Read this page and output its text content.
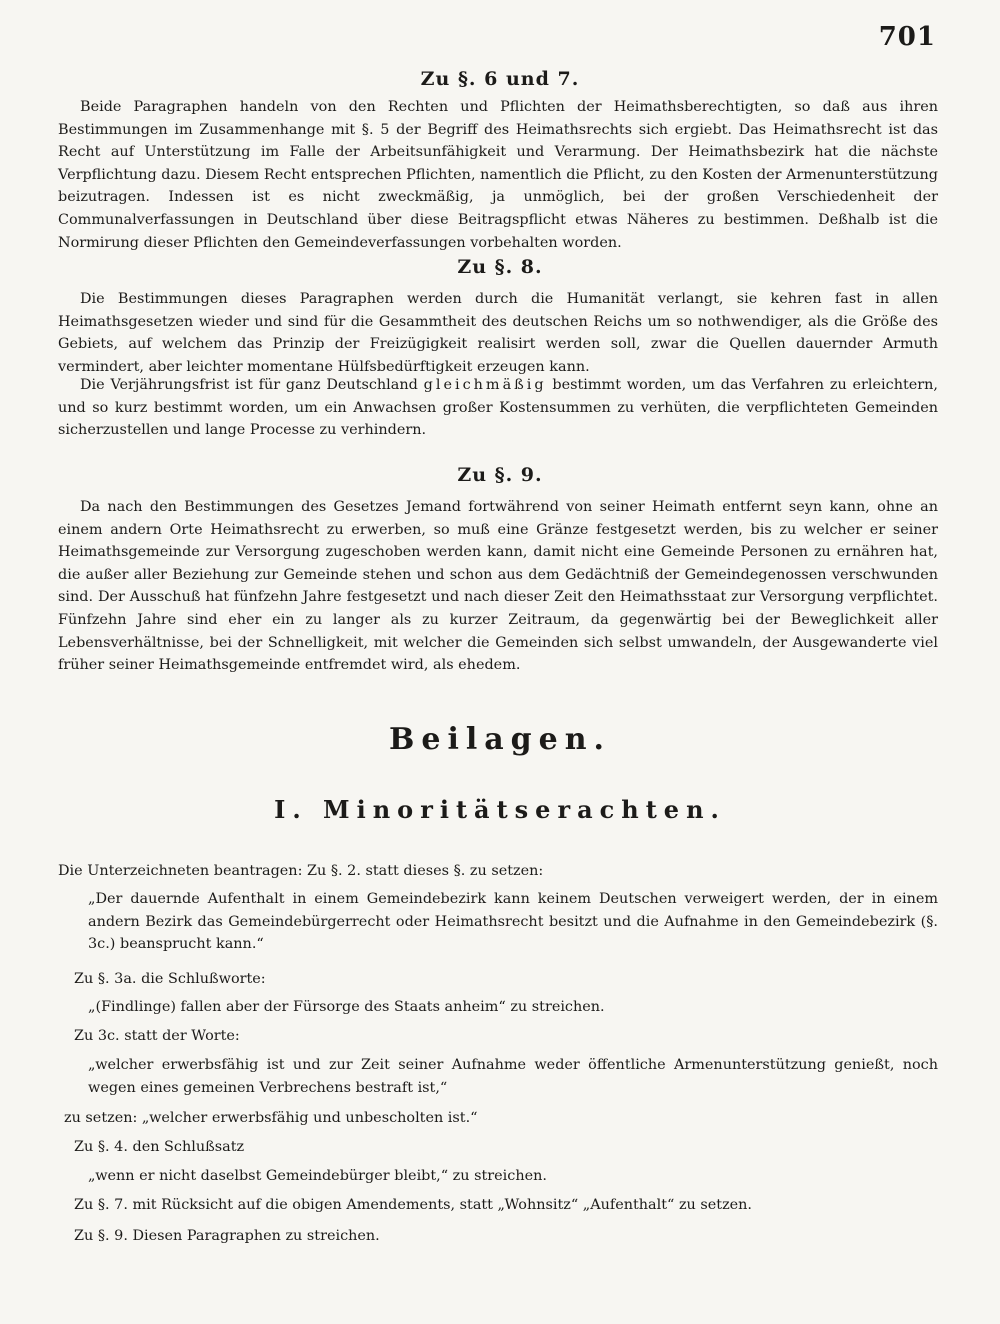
701
Zu §. 6 und 7.

Beide Paragraphen handeln von den Rechten und Pflichten der Heimathsberechtigten, so daß aus ihren Bestimmungen im Zusammenhange mit §. 5 der Begriff des Heimathsrechts sich ergiebt. Das Heimathsrecht ist das Recht auf Unterstützung im Falle der Arbeitsunfähigkeit und Verarmung. Der Heimathsbezirk hat die nächste Verpflichtung dazu. Diesem Recht entsprechen Pflichten, namentlich die Pflicht, zu den Kosten der Armenunterstützung beizutragen. Indessen ist es nicht zweckmäßig, ja unmöglich, bei der großen Verschiedenheit der Communalverfassungen in Deutschland über diese Beitragspflicht etwas Näheres zu bestimmen. Deßhalb ist die Normirung dieser Pflichten den Gemeindeverfassungen vorbehalten worden.

Zu §. 8.

Die Bestimmungen dieses Paragraphen werden durch die Humanität verlangt, sie kehren fast in allen Heimathsgesetzen wieder und sind für die Gesammtheit des deutschen Reichs um so nothwendiger, als die Größe des Gebiets, auf welchem das Prinzip der Freizügigkeit realisirt werden soll, zwar die Quellen dauernder Armuth vermindert, aber leichter momentane Hülfsbedürftigkeit erzeugen kann.

Die Verjährungsfrist ist für ganz Deutschland gleichmäßig bestimmt worden, um das Verfahren zu erleichtern, und so kurz bestimmt worden, um ein Anwachsen großer Kostensummen zu verhüten, die verpflichteten Gemeinden sicherzustellen und lange Processe zu verhindern.

Zu §. 9.

Da nach den Bestimmungen des Gesetzes Jemand fortwährend von seiner Heimath entfernt seyn kann, ohne an einem andern Orte Heimathsrecht zu erwerben, so muß eine Gränze festgesetzt werden, bis zu welcher er seiner Heimathsgemeinde zur Versorgung zugeschoben werden kann, damit nicht eine Gemeinde Personen zu ernähren hat, die außer aller Beziehung zur Gemeinde stehen und schon aus dem Gedächtniß der Gemeindegenossen verschwunden sind. Der Ausschuß hat fünfzehn Jahre festgesetzt und nach dieser Zeit den Heimathsstaat zur Versorgung verpflichtet. Fünfzehn Jahre sind eher ein zu langer als zu kurzer Zeitraum, da gegenwärtig bei der Beweglichkeit aller Lebensverhältnisse, bei der Schnelligkeit, mit welcher die Gemeinden sich selbst umwandeln, der Ausgewanderte viel früher seiner Heimathsgemeinde entfremdet wird, als ehedem.

Beilagen.
I. Minoritätserachten.

Die Unterzeichneten beantragen: Zu §. 2. statt dieses §. zu setzen:

„Der dauernde Aufenthalt in einem Gemeindebezirk kann keinem Deutschen verweigert werden, der in einem andern Bezirk das Gemeindebürgerrecht oder Heimathsrecht besitzt und die Aufnahme in den Gemeindebezirk (§. 3c.) beansprucht kann.“

Zu §. 3a. die Schlußworte:

„(Findlinge) fallen aber der Fürsorge des Staats anheim“ zu streichen.

Zu 3c. statt der Worte:

„welcher erwerbsfähig ist und zur Zeit seiner Aufnahme weder öffentliche Armenunterstützung genießt, noch wegen eines gemeinen Verbrechens bestraft ist,“

zu setzen: „welcher erwerbsfähig und unbescholten ist.“

Zu §. 4. den Schlußsatz

„wenn er nicht daselbst Gemeindebürger bleibt,“ zu streichen.

Zu §. 7. mit Rücksicht auf die obigen Amendements, statt „Wohnsitz“ „Aufenthalt“ zu setzen.

Zu §. 9. Diesen Paragraphen zu streichen.
